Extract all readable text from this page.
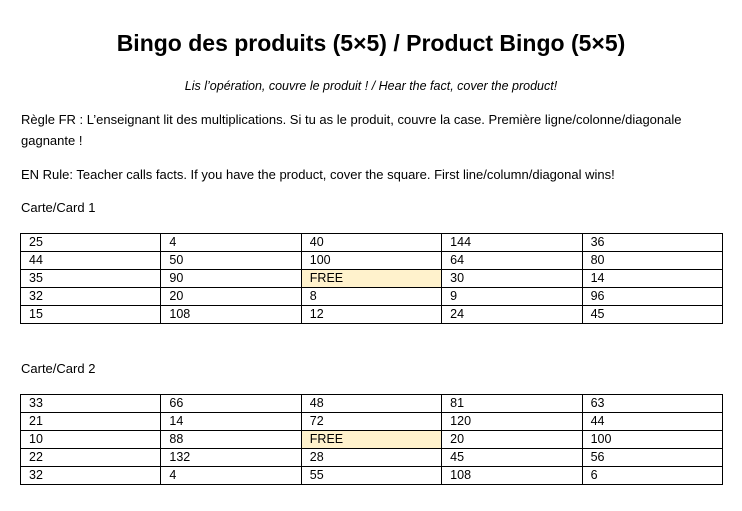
Bingo des produits (5×5) / Product Bingo (5×5)
Lis l’opération, couvre le produit ! / Hear the fact, cover the product!
Règle FR : L’enseignant lit des multiplications. Si tu as le produit, couvre la case. Première ligne/colonne/diagonale gagnante !
EN Rule: Teacher calls facts. If you have the product, cover the square. First line/column/diagonal wins!
Carte/Card 1
25	4	40	144	36
44	50	100	64	80
35	90	FREE	30	14
32	20	8	9	96
15	108	12	24	45
Carte/Card 2
33	66	48	81	63
21	14	72	120	44
10	88	FREE	20	100
22	132	28	45	56
32	4	55	108	6
